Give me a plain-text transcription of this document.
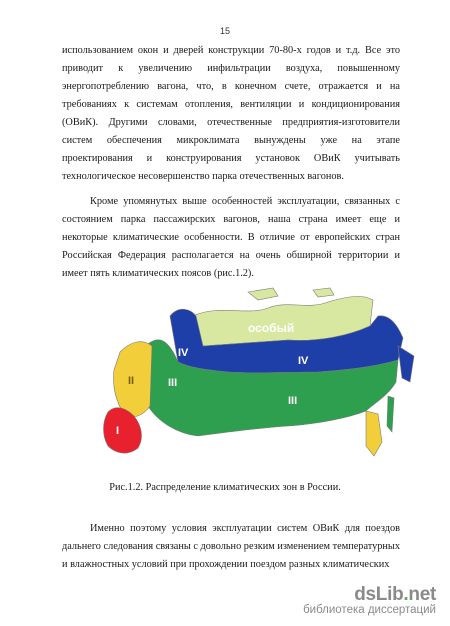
15

использованием окон и дверей конструкции 70-80-х годов и т.д. Все это приводит к увеличению инфильтрации воздуха, повышенному энергопотреблению вагона, что, в конечном счете, отражается и на требованиях к системам отопления, вентиляции и кондиционирования (ОВиК). Другими словами, отечественные предприятия-изготовители систем обеспечения микроклимата вынуждены уже на этапе проектирования и конструирования установок ОВиК учитывать технологическое несовершенство парка отечественных вагонов.

Кроме упомянутых выше особенностей эксплуатации, связанных с состоянием парка пассажирских вагонов, наша страна имеет еще и некоторые климатические особенности. В отличие от европейских стран Российская Федерация располагается на очень обширной территории и имеет пять климатических поясов (рис.1.2).

IV
IV
III
III
II
I
особый
Рис.1.2. Распределение климатических зон в России.

Именно поэтому условия эксплуатации систем ОВиК для поездов дальнего следования связаны с довольно резким изменением температурных и влажностных условий при прохождении поездом разных климатических

dsLib.net
библиотека диссертаций
